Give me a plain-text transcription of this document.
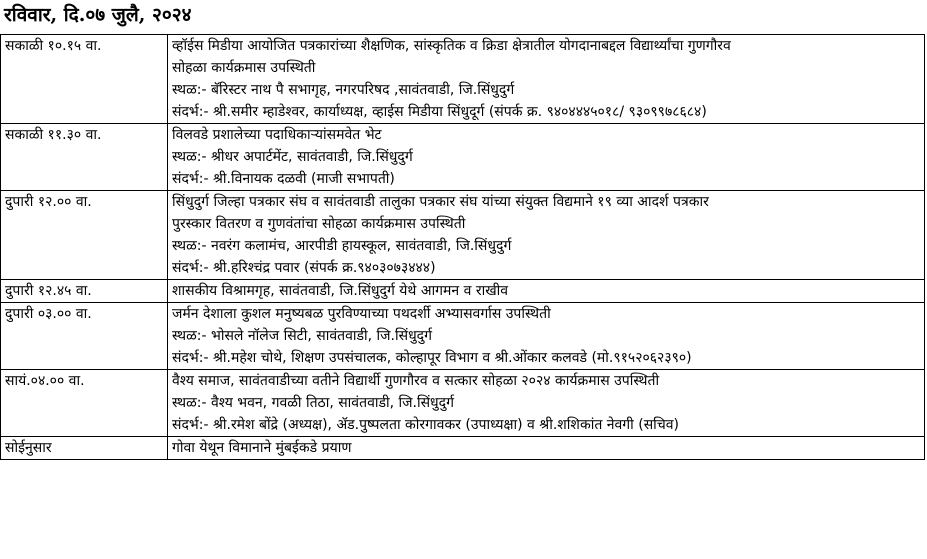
रविवार, दि.०७ जुलै, २०२४
सकाळी १०.१५ वा.	व्हॉईस मिडीया आयोजित पत्रकारांच्या शैक्षणिक, सांस्कृतिक व क्रिडा क्षेत्रातील योगदानाबद्दल विद्यार्थ्यांचा गुणगौरव
सोहळा कार्यक्रमास उपस्थिती
स्थळ:- बॅरिस्टर नाथ पै सभागृह, नगरपरिषद ,सावंतवाडी, जि.सिंधुदुर्ग
संदर्भ:- श्री.समीर म्हाडेश्वर, कार्याध्यक्ष, व्हाईस मिडीया सिंधुदूर्ग (संपर्क क्र. ९४०४४४५०१८/ ९३०९९७८६८४)

सकाळी ११.३० वा.	विलवडे प्रशालेच्या पदाधिकाऱ्यांसमवेत भेट
स्थळ:- श्रीधर अपार्टमेंट, सावंतवाडी, जि.सिंधुदुर्ग
संदर्भ:- श्री.विनायक दळवी (माजी सभापती)

दुपारी १२.०० वा.	सिंधुदुर्ग जिल्हा पत्रकार संघ व सावंतवाडी तालुका पत्रकार संघ यांच्या संयुक्त विद्यमाने १९ व्या आदर्श पत्रकार
पुरस्कार वितरण व गुणवंतांचा सोहळा कार्यक्रमास उपस्थिती
स्थळ:- नवरंग कलामंच, आरपीडी हायस्कूल, सावंतवाडी, जि.सिंधुदुर्ग
संदर्भ:- श्री.हरिश्चंद्र पवार (संपर्क क्र.९४०३०७३४४४)

दुपारी १२.४५ वा.	शासकीय विश्रामगृह, सावंतवाडी, जि.सिंधुदुर्ग येथे आगमन व राखीव

दुपारी ०३.०० वा.	जर्मन देशाला कुशल मनुष्यबळ पुरविण्याच्या पथदर्शी अभ्यासवर्गास उपस्थिती
स्थळ:- भोसले नॉलेज सिटी, सावंतवाडी, जि.सिंधुदुर्ग
संदर्भ:- श्री.महेश चोथे, शिक्षण उपसंचालक, कोल्हापूर विभाग व श्री.ओंकार कलवडे (मो.९१५२०६२३९०)

सायं.०४.०० वा.	वैश्य समाज, सावंतवाडीच्या वतीने विद्यार्थी गुणगौरव व सत्कार सोहळा २०२४ कार्यक्रमास उपस्थिती
स्थळ:- वैश्य भवन, गवळी तिठा, सावंतवाडी, जि.सिंधुदुर्ग
संदर्भ:- श्री.रमेश बोंद्रे (अध्यक्ष), ॲड.पुष्पलता कोरगावकर (उपाध्यक्षा) व श्री.शशिकांत नेवगी (सचिव)

सोईनुसार	गोवा येथून विमानाने मुंबईकडे प्रयाण
